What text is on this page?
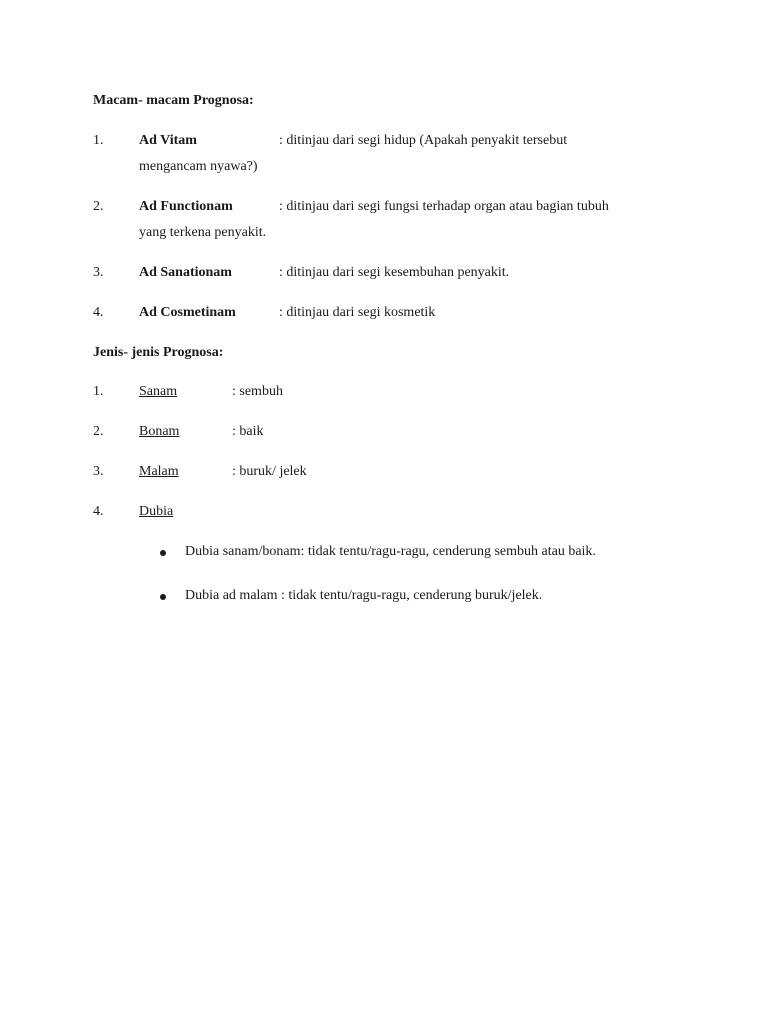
Macam- macam Prognosa:
1.	Ad Vitam	: ditinjau dari segi hidup (Apakah penyakit tersebut
mengancam nyawa?)
2.	Ad Functionam	: ditinjau dari segi fungsi terhadap organ atau bagian tubuh
yang terkena penyakit.
3.	Ad Sanationam	: ditinjau dari segi kesembuhan penyakit.
4.	Ad Cosmetinam	: ditinjau dari segi kosmetik
Jenis- jenis Prognosa:
1.	Sanam	: sembuh
2.	Bonam	: baik
3.	Malam	: buruk/ jelek
4.	Dubia
Dubia sanam/bonam: tidak tentu/ragu-ragu, cenderung sembuh atau baik.
Dubia ad malam : tidak tentu/ragu-ragu, cenderung buruk/jelek.
